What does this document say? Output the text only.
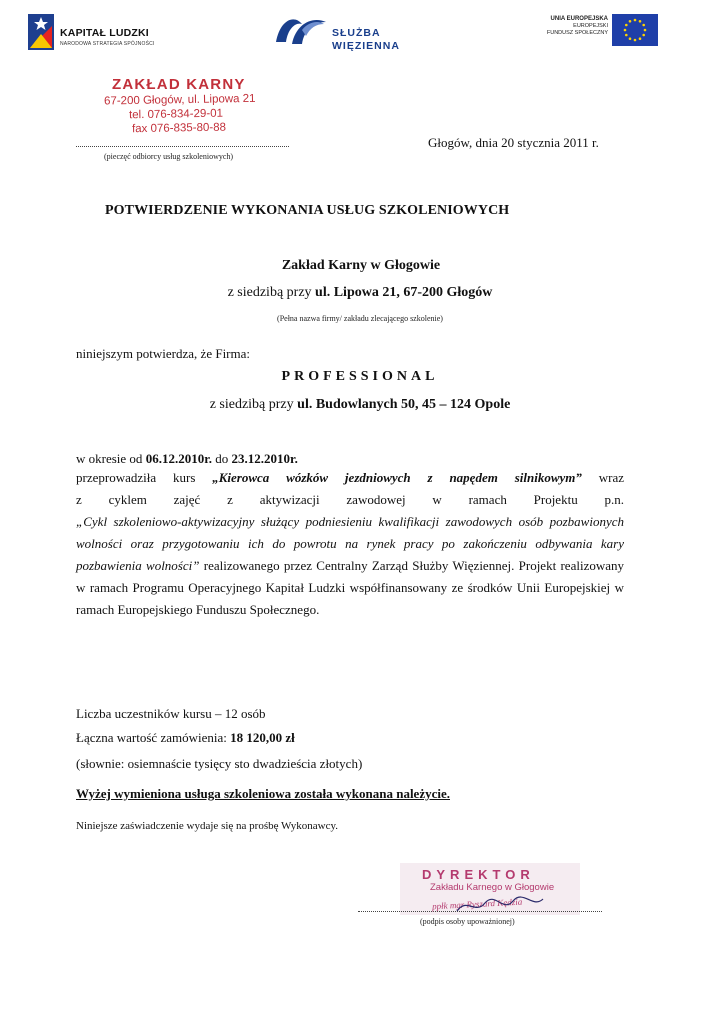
KAPITAŁ LUDZKI
NARODOWA STRATEGIA SPÓJNOŚCI
SŁUŻBA
WIĘZIENNA
UNIA EUROPEJSKA
EUROPEJSKI
FUNDUSZ SPOŁECZNY
ZAKŁAD KARNY
67-200 Głogów, ul. Lipowa 21
tel. 076-834-29-01
fax 076-835-80-88
(pieczęć odbiorcy usług szkoleniowych)
Głogów, dnia 20 stycznia 2011 r.
POTWIERDZENIE WYKONANIA USŁUG SZKOLENIOWYCH
Zakład Karny w Głogowie
z siedzibą przy ul. Lipowa 21, 67-200 Głogów
(Pełna nazwa firmy/ zakładu zlecającego szkolenie)
niniejszym potwierdza, że Firma:
PROFESSIONAL
z siedzibą przy ul. Budowlanych 50, 45 – 124 Opole
w okresie od 06.12.2010r. do 23.12.2010r.

przeprowadziła kurs „Kierowca wózków jezdniowych z napędem silnikowym” wraz

z cyklem zajęć z aktywizacji zawodowej w ramach Projektu p.n.

„Cykl szkoleniowo-aktywizacyjny służący podniesieniu kwalifikacji zawodowych osób pozbawionych wolności oraz przygotowaniu ich do powrotu na rynek pracy po zakończeniu odbywania kary pozbawienia wolności” realizowanego przez Centralny Zarząd Służby Więziennej. Projekt realizowany w ramach Programu Operacyjnego Kapitał Ludzki współfinansowany ze środków Unii Europejskiej w ramach Europejskiego Funduszu Społecznego.

Liczba uczestników kursu – 12 osób
Łączna wartość zamówienia: 18 120,00 zł
(słownie: osiemnaście tysięcy sto dwadzieścia złotych)
Wyżej wymieniona usługa szkoleniowa została wykonana należycie.
Niniejsze zaświadczenie wydaje się na prośbę Wykonawcy.
DYREKTOR
Zakładu Karnego w Głogowie
ppłk mgr Ryszard Kędzia
(podpis osoby upoważnionej)
